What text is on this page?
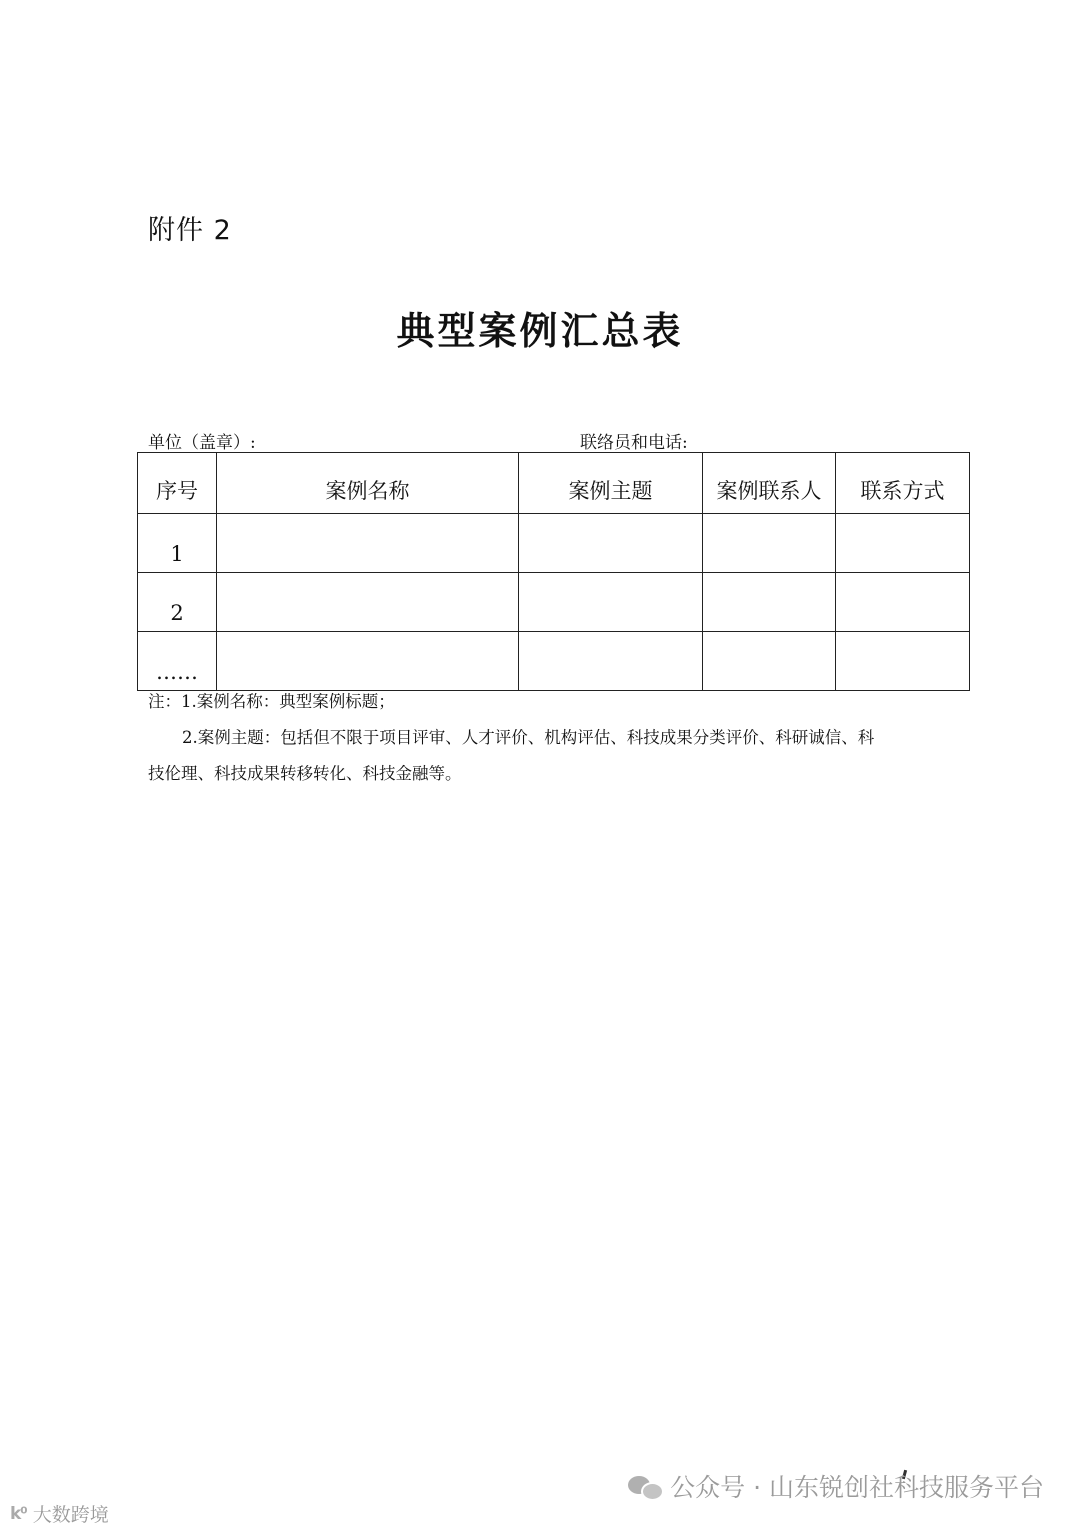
附件 2
典型案例汇总表
单位（盖章）:	联络员和电话:
序号	案例名称	案例主题	案例联系人	联系方式
1				
2				
……				

注：1.案例名称：典型案例标题；

2.案例主题：包括但不限于项目评审、人才评价、机构评估、科技成果分类评价、科研诚信、科

技伦理、科技成果转移转化、科技金融等。

公众号 · 山东锐创社科技服务平台
k⁰ 大数跨境
